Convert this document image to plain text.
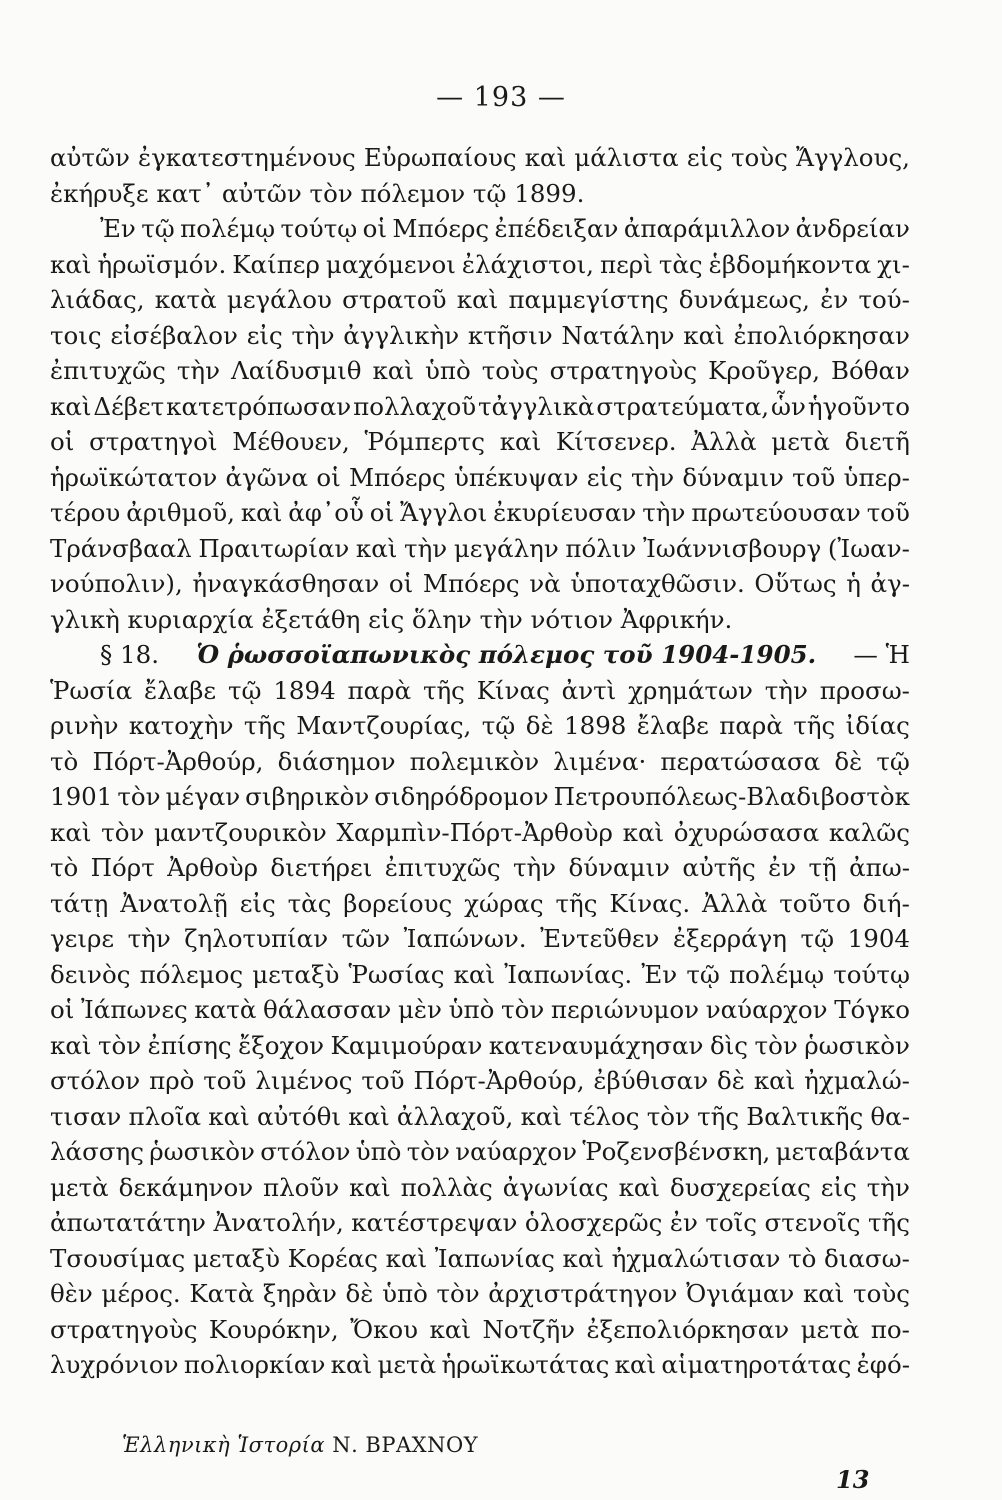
— 193 —
αὐτῶν ἐγκατεστημένους Εὐρωπαίους καὶ μάλιστα εἰς τοὺς Ἄγγλους,
ἐκήρυξε κατ᾽ αὐτῶν τὸν πόλεμον τῷ 1899.
Ἐν τῷ πολέμῳ τούτῳ οἱ Μπόερς ἐπέδειξαν ἀπαράμιλλον ἀνδρείαν
καὶ ἡρωϊσμόν. Καίπερ μαχόμενοι ἐλάχιστοι, περὶ τὰς ἑβδομήκοντα χι-
λιάδας, κατὰ μεγάλου στρατοῦ καὶ παμμεγίστης δυνάμεως, ἐν τού-
τοις εἰσέβαλον εἰς τὴν ἀγγλικὴν κτῆσιν Νατάλην καὶ ἐπολιόρκησαν
ἐπιτυχῶς τὴν Λαίδυσμιθ καὶ ὑπὸ τοὺς στρατηγοὺς Κροῦγερ, Βόθαν
καὶ Δέβετ κατετρόπωσαν πολλαχοῦ τἀγγλικὰ στρατεύματα, ὧν ἡγοῦντο
οἱ στρατηγοὶ Μέθουεν, Ῥόμπερτς καὶ Κίτσενερ. Ἀλλὰ μετὰ διετῆ
ἡρωϊκώτατον ἀγῶνα οἱ Μπόερς ὑπέκυψαν εἰς τὴν δύναμιν τοῦ ὑπερ-
τέρου ἀριθμοῦ, καὶ ἀφ᾽οὗ οἱ Ἄγγλοι ἐκυρίευσαν τὴν πρωτεύουσαν τοῦ
Τράνσβααλ Πραιτωρίαν καὶ τὴν μεγάλην πόλιν Ἰωάννισβουργ (Ἰωαν-
νούπολιν), ἠναγκάσθησαν οἱ Μπόερς νὰ ὑποταχθῶσιν. Οὕτως ἡ ἀγ-
γλικὴ κυριαρχία ἐξετάθη εἰς ὅλην τὴν νότιον Ἀφρικήν.
§ 18. Ὁ ῥωσσοϊαπωνικὸς πόλεμος τοῦ 1904-1905. — Ἡ
Ῥωσία ἔλαβε τῷ 1894 παρὰ τῆς Κίνας ἀντὶ χρημάτων τὴν προσω-
ρινὴν κατοχὴν τῆς Μαντζουρίας, τῷ δὲ 1898 ἔλαβε παρὰ τῆς ἰδίας
τὸ Πόρτ-Ἀρθούρ, διάσημον πολεμικὸν λιμένα· περατώσασα δὲ τῷ
1901 τὸν μέγαν σιβηρικὸν σιδηρόδρομον Πετρουπόλεως-Βλαδιβοστὸκ
καὶ τὸν μαντζουρικὸν Χαρμπὶν-Πόρτ-Ἀρθοὺρ καὶ ὀχυρώσασα καλῶς
τὸ Πόρτ Ἀρθοὺρ διετήρει ἐπιτυχῶς τὴν δύναμιν αὐτῆς ἐν τῇ ἀπω-
τάτῃ Ἀνατολῇ εἰς τὰς βορείους χώρας τῆς Κίνας. Ἀλλὰ τοῦτο διή-
γειρε τὴν ζηλοτυπίαν τῶν Ἰαπώνων. Ἐντεῦθεν ἐξερράγη τῷ 1904
δεινὸς πόλεμος μεταξὺ Ῥωσίας καὶ Ἰαπωνίας. Ἐν τῷ πολέμῳ τούτῳ
οἱ Ἰάπωνες κατὰ θάλασσαν μὲν ὑπὸ τὸν περιώνυμον ναύαρχον Τόγκο
καὶ τὸν ἐπίσης ἔξοχον Καμιμούραν κατεναυμάχησαν δὶς τὸν ῥωσικὸν
στόλον πρὸ τοῦ λιμένος τοῦ Πόρτ-Ἀρθούρ, ἐβύθισαν δὲ καὶ ἠχμαλώ-
τισαν πλοῖα καὶ αὐτόθι καὶ ἀλλαχοῦ, καὶ τέλος τὸν τῆς Βαλτικῆς θα-
λάσσης ῥωσικὸν στόλον ὑπὸ τὸν ναύαρχον Ῥοζενσβένσκη, μεταβάντα
μετὰ δεκάμηνον πλοῦν καὶ πολλὰς ἀγωνίας καὶ δυσχερείας εἰς τὴν
ἀπωτατάτην Ἀνατολήν, κατέστρεψαν ὁλοσχερῶς ἐν τοῖς στενοῖς τῆς
Τσουσίμας μεταξὺ Κορέας καὶ Ἰαπωνίας καὶ ἠχμαλώτισαν τὸ διασω-
θὲν μέρος. Κατὰ ξηρὰν δὲ ὑπὸ τὸν ἀρχιστράτηγον Ὀγιάμαν καὶ τοὺς
στρατηγοὺς Κουρόκην, Ὄκου καὶ Νοτζῆν ἐξεπολιόρκησαν μετὰ πο-
λυχρόνιον πολιορκίαν καὶ μετὰ ἡρωϊκωτάτας καὶ αἱματηροτάτας ἐφό-
Ἑλληνικὴ Ἱστορία Ν. ΒΡΑΧΝΟΥ
13
